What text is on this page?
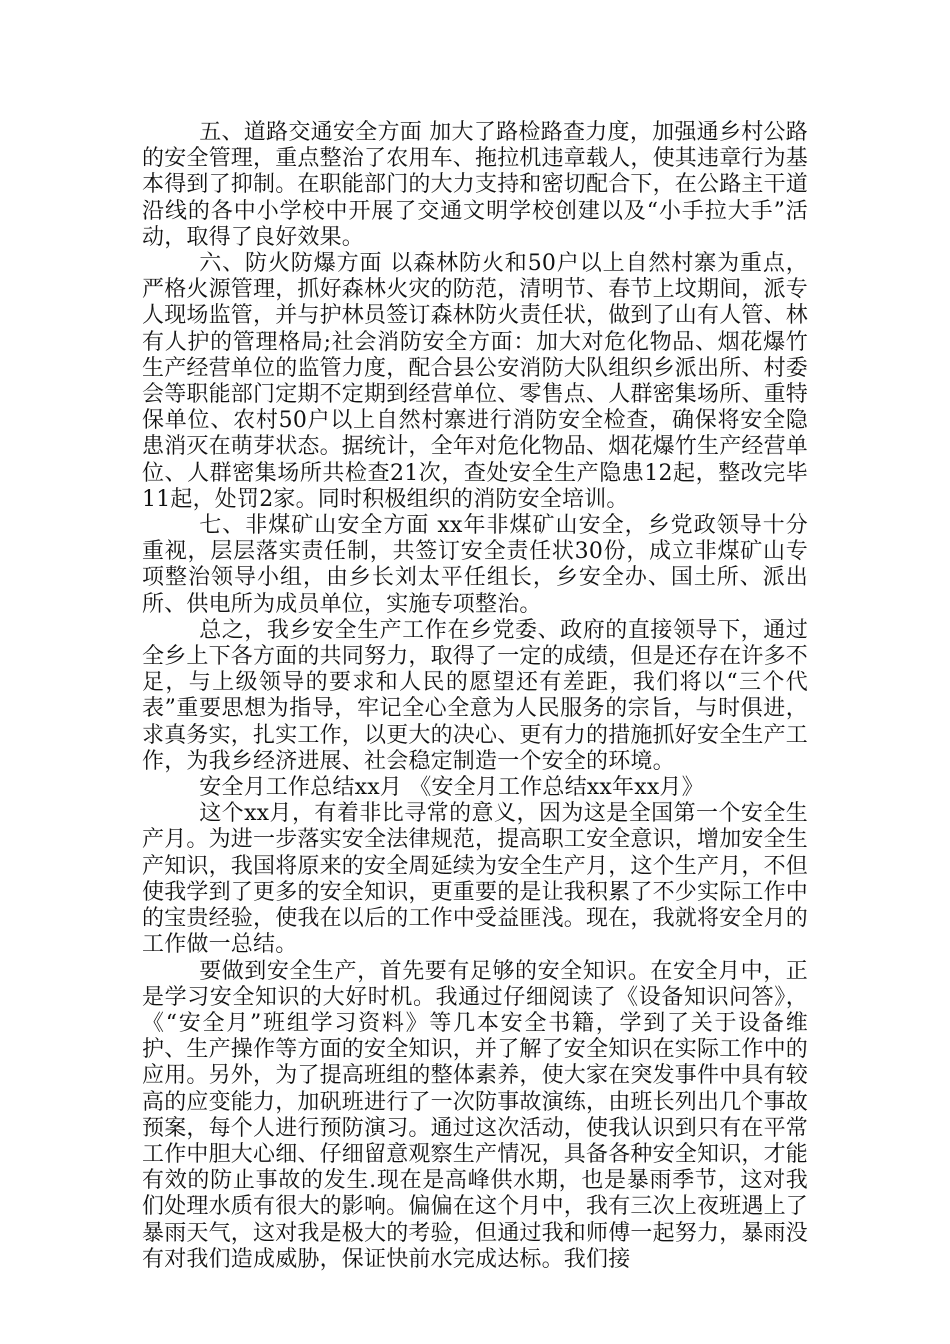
五、道路交通安全方面 加大了路检路查力度，加强通乡村公路的安全管理，重点整治了农用车、拖拉机违章载人，使其违章行为基本得到了抑制。在职能部门的大力支持和密切配合下，在公路主干道沿线的各中小学校中开展了交通文明学校创建以及“小手拉大手”活动，取得了良好效果。

六、防火防爆方面 以森林防火和50户以上自然村寨为重点，严格火源管理，抓好森林火灾的防范，清明节、春节上坟期间，派专人现场监管，并与护林员签订森林防火责任状，做到了山有人管、林有人护的管理格局;社会消防安全方面：加大对危化物品、烟花爆竹生产经营单位的监管力度，配合县公安消防大队组织乡派出所、村委会等职能部门定期不定期到经营单位、零售点、人群密集场所、重特保单位、农村50户以上自然村寨进行消防安全检查，确保将安全隐患消灭在萌芽状态。据统计，全年对危化物品、烟花爆竹生产经营单位、人群密集场所共检查21次，查处安全生产隐患12起，整改完毕11起，处罚2家。同时积极组织的消防安全培训。

七、非煤矿山安全方面 xx年非煤矿山安全，乡党政领导十分重视，层层落实责任制，共签订安全责任状30份，成立非煤矿山专项整治领导小组，由乡长刘太平任组长，乡安全办、国土所、派出所、供电所为成员单位，实施专项整治。

总之，我乡安全生产工作在乡党委、政府的直接领导下，通过全乡上下各方面的共同努力，取得了一定的成绩，但是还存在许多不足，与上级领导的要求和人民的愿望还有差距，我们将以“三个代表”重要思想为指导，牢记全心全意为人民服务的宗旨，与时俱进，求真务实，扎实工作，以更大的决心、更有力的措施抓好安全生产工作，为我乡经济进展、社会稳定制造一个安全的环境。

安全月工作总结xx月 《安全月工作总结xx年xx月》

这个xx月，有着非比寻常的意义，因为这是全国第一个安全生产月。为进一步落实安全法律规范，提高职工安全意识，增加安全生产知识，我国将原来的安全周延续为安全生产月，这个生产月，不但使我学到了更多的安全知识，更重要的是让我积累了不少实际工作中的宝贵经验，使我在以后的工作中受益匪浅。现在，我就将安全月的工作做一总结。

要做到安全生产，首先要有足够的安全知识。在安全月中，正是学习安全知识的大好时机。我通过仔细阅读了《设备知识问答》，《“安全月”班组学习资料》等几本安全书籍，学到了关于设备维护、生产操作等方面的安全知识，并了解了安全知识在实际工作中的应用。另外，为了提高班组的整体素养，使大家在突发事件中具有较高的应变能力，加矾班进行了一次防事故演练，由班长列出几个事故预案，每个人进行预防演习。通过这次活动，使我认识到只有在平常工作中胆大心细、仔细留意观察生产情况，具备各种安全知识，才能有效的防止事故的发生.现在是高峰供水期，也是暴雨季节，这对我们处理水质有很大的影响。偏偏在这个月中，我有三次上夜班遇上了暴雨天气，这对我是极大的考验，但通过我和师傅一起努力，暴雨没有对我们造成威胁，保证快前水完成达标。我们接
